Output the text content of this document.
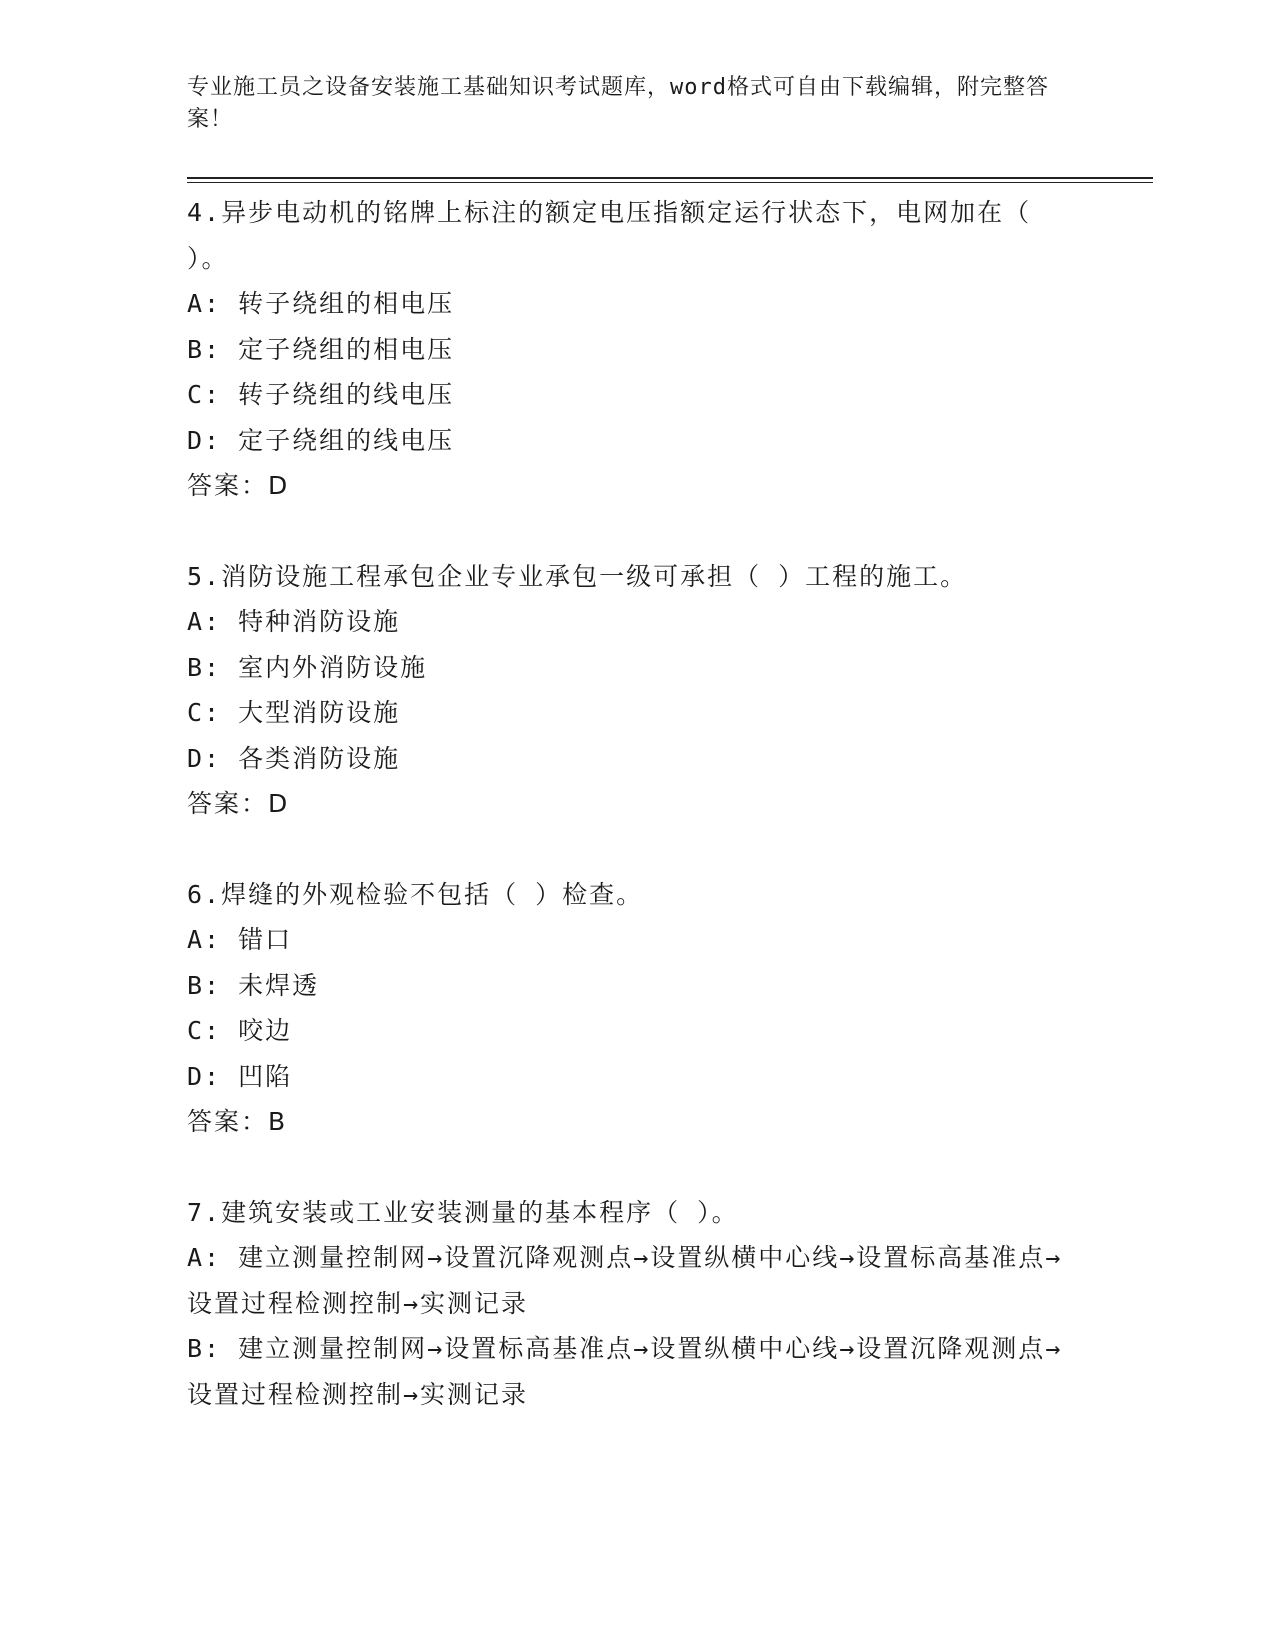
专业施工员之设备安装施工基础知识考试题库，word格式可自由下载编辑，附完整答案！
4.异步电动机的铭牌上标注的额定电压指额定运行状态下，电网加在（ ）。
A: 转子绕组的相电压
B: 定子绕组的相电压
C: 转子绕组的线电压
D: 定子绕组的线电压
答案：D
5.消防设施工程承包企业专业承包一级可承担（ ）工程的施工。
A: 特种消防设施
B: 室内外消防设施
C: 大型消防设施
D: 各类消防设施
答案：D
6.焊缝的外观检验不包括（ ）检查。
A: 错口
B: 未焊透
C: 咬边
D: 凹陷
答案：B
7.建筑安装或工业安装测量的基本程序（ ）。
A: 建立测量控制网→设置沉降观测点→设置纵横中心线→设置标高基准点→设置过程检测控制→实测记录
B: 建立测量控制网→设置标高基准点→设置纵横中心线→设置沉降观测点→设置过程检测控制→实测记录
